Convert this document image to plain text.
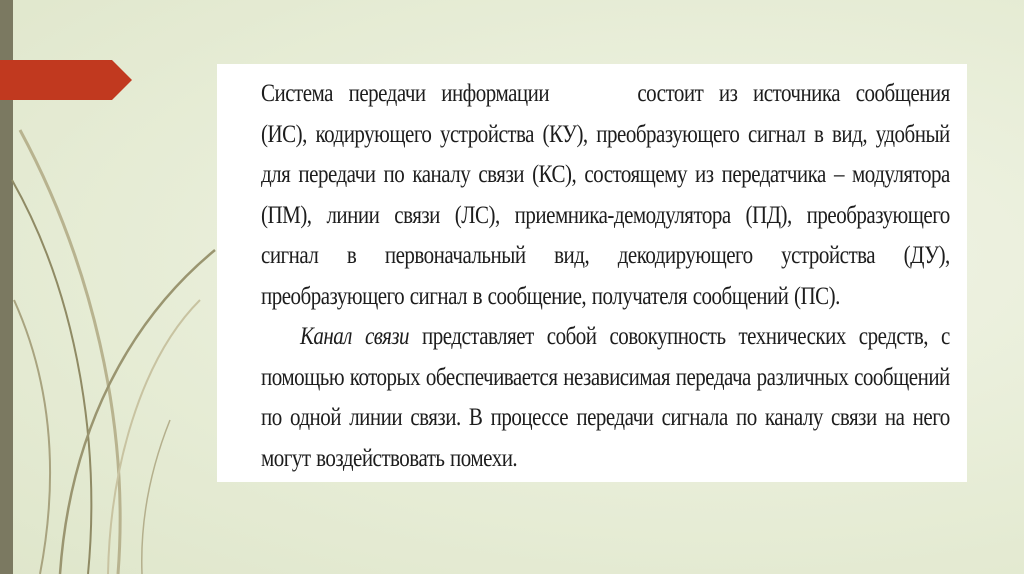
Система передачи информации	состоит из источника сообщения (ИС), кодирующего устройства (КУ), преобразующего сигнал в вид, удобный для передачи по каналу связи (КС), состоящему из передатчика – модулятора (ПМ), линии связи (ЛС), приемника-демодулятора (ПД), преобразующего сигнал в первоначальный вид, декодирующего устройства (ДУ), преобразующего сигнал в сообщение, получателя сообщений (ПС).

Канал связи представляет собой совокупность технических средств, с помощью которых обеспечивается независимая передача различных сообщений по одной линии связи. В процессе передачи сигнала по каналу связи на него могут воздействовать помехи.
